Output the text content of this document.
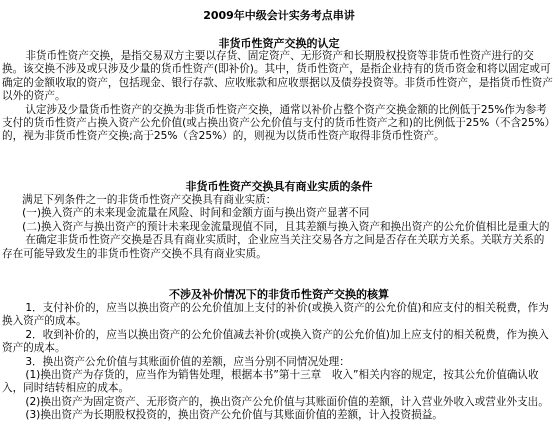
2009年中级会计实务考点串讲
非货币性资产交换的认定

非货币性资产交换，是指交易双方主要以存货、固定资产、无形资产和长期股权投资等非货币性资产进行的交换。该交换不涉及或只涉及少量的货币性资产(即补价)。其中，货币性资产，是指企业持有的货币资金和将以固定或可确定的金额收取的资产，包括现金、银行存款、应收账款和应收票据以及债券投资等。非货币性资产，是指货币性资产以外的资产。

认定涉及少量货币性资产的交换为非货币性资产交换，通常以补价占整个资产交换金额的比例低于25%作为参考支付的货币性资产占换入资产公允价值(或占换出资产公允价值与支付的货币性资产之和)的比例低于25%（不含25%）的，视为非货币性资产交换;高于25%（含25%）的，则视为以货币性资产取得非货币性资产。

非货币性资产交换具有商业实质的条件

满足下列条件之一的非货币性资产交换具有商业实质：

(一)换入资产的未来现金流量在风险、时间和金额方面与换出资产显著不同

(二)换入资产与换出资产的预计未来现金流量现值不同，且其差额与换入资产和换出资产的公允价值相比是重大的

在确定非货币性资产交换是否具有商业实质时，企业应当关注交易各方之间是否存在关联方关系。关联方关系的存在可能导致发生的非货币性资产交换不具有商业实质。

不涉及补价情况下的非货币性资产交换的核算

1．支付补价的，应当以换出资产的公允价值加上支付的补价(或换入资产的公允价值)和应支付的相关税费，作为换入资产的成本。

2．收到补价的，应当以换出资产的公允价值减去补价(或换入资产的公允价值)加上应支付的相关税费，作为换入资产的成本。

3．换出资产公允价值与其账面价值的差额，应当分别不同情况处理：

(1)换出资产为存货的，应当作为销售处理，根据本书”第十三章　收入”相关内容的规定，按其公允价值确认收入，同时结转相应的成本。

(2)换出资产为固定资产、无形资产的，换出资产公允价值与其账面价值的差额，计入营业外收入或营业外支出。

(3)换出资产为长期股权投资的，换出资产公允价值与其账面价值的差额，计入投资损益。
